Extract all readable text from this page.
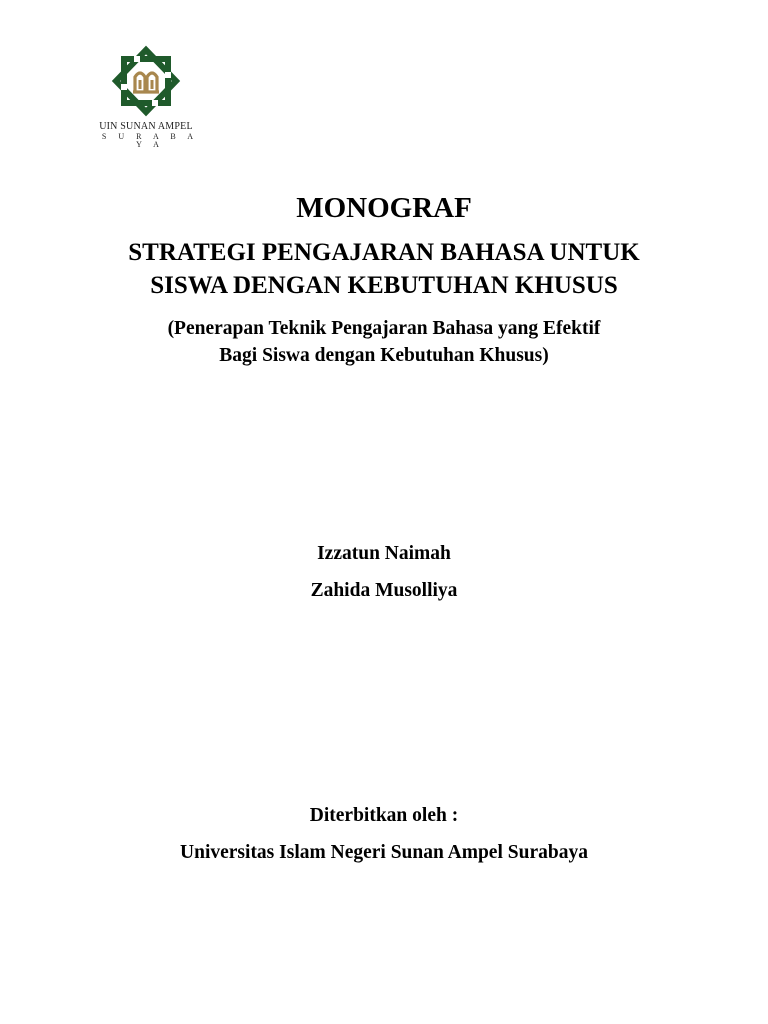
UIN SUNAN AMPEL
S U R A B A Y A
MONOGRAF
STRATEGI PENGAJARAN BAHASA UNTUK
SISWA DENGAN KEBUTUHAN KHUSUS
(Penerapan Teknik Pengajaran Bahasa yang Efektif
Bagi Siswa dengan Kebutuhan Khusus)
Izzatun Naimah
Zahida Musolliya
Diterbitkan oleh :
Universitas Islam Negeri Sunan Ampel Surabaya
